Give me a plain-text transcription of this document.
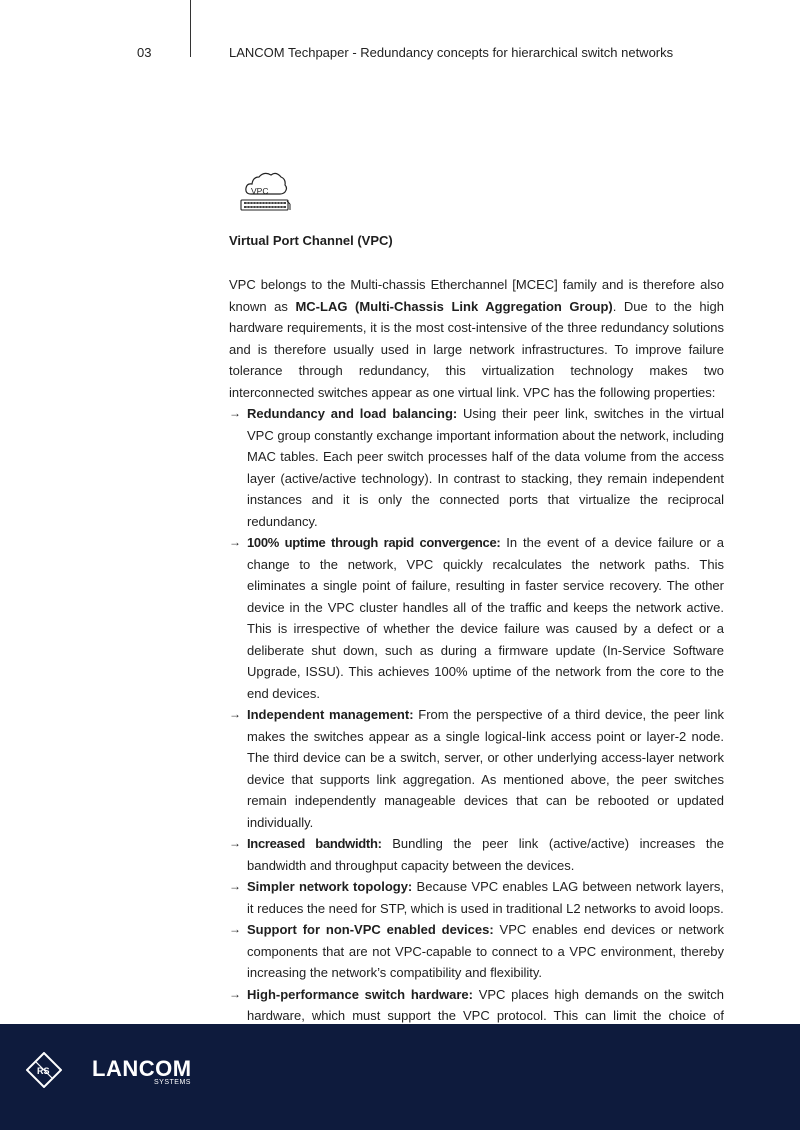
03	LANCOM Techpaper - Redundancy concepts for hierarchical switch networks
VPC
Virtual Port Channel (VPC)

VPC belongs to the Multi-chassis Etherchannel [MCEC] family and is therefore also known as MC-LAG (Multi-Chassis Link Aggregation Group). Due to the high hardware requirements, it is the most cost-intensive of the three redundancy solutions and is therefore usually used in large network infrastructures. To improve failure tolerance through redundancy, this virtualization technology makes two interconnected switches appear as one virtual link. VPC has the following properties:

→ Redundancy and load balancing: Using their peer link, switches in the virtual VPC group constantly exchange important information about the network, including MAC tables. Each peer switch processes half of the data volume from the access layer (active/active technology). In contrast to stacking, they remain independent instances and it is only the connected ports that virtualize the reciprocal redundancy.
→ 100% uptime through rapid convergence: In the event of a device failure or a change to the network, VPC quickly recalculates the network paths. This eliminates a single point of failure, resulting in faster service recovery. The other device in the VPC cluster handles all of the traffic and keeps the network active. This is irrespective of whether the device failure was caused by a defect or a deliberate shut down, such as during a firmware update (In-Service Software Upgrade, ISSU). This achieves 100% uptime of the network from the core to the end devices.
→ Independent management: From the perspective of a third device, the peer link makes the switches appear as a single logical-link access point or layer-2 node. The third device can be a switch, server, or other underlying access-layer network device that supports link aggregation. As mentioned above, the peer switches remain independently manageable devices that can be rebooted or updated individually.
→ Increased bandwidth: Bundling the peer link (active/active) increases the bandwidth and throughput capacity between the devices.
→ Simpler network topology: Because VPC enables LAG between network layers, it reduces the need for STP, which is used in traditional L2 networks to avoid loops.
→ Support for non-VPC enabled devices: VPC enables end devices or network components that are not VPC-capable to connect to a VPC environment, thereby increasing the network’s compatibility and flexibility.
→ High-performance switch hardware: VPC places high demands on the switch hardware, which must support the VPC protocol. This can limit the choice of
RS LANCOM
SYSTEMS
